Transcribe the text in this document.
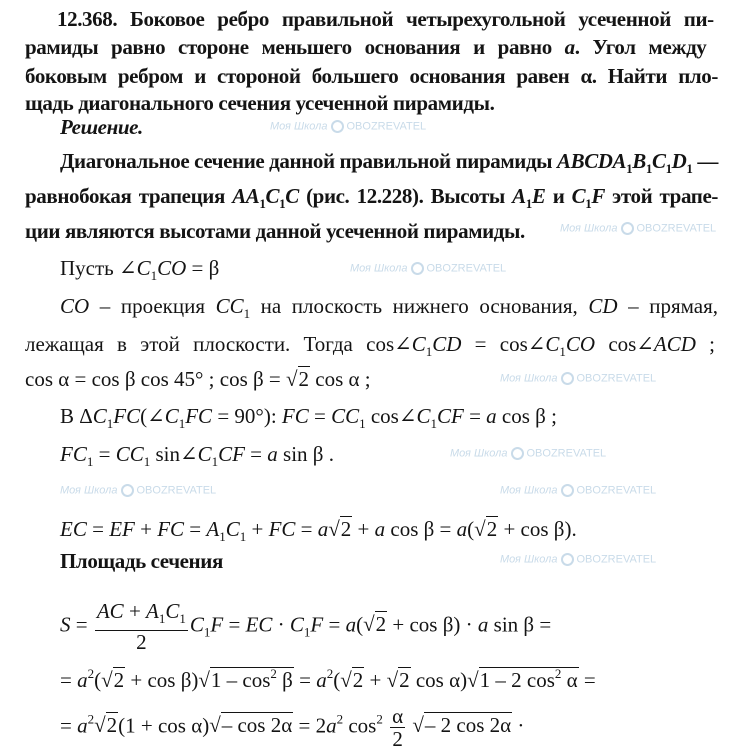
Моя Школа OBOZREVATEL
Моя Школа OBOZREVATEL
Моя Школа OBOZREVATEL
Моя Школа OBOZREVATEL
Моя Школа OBOZREVATEL
Моя Школа OBOZREVATEL	Моя Школа OBOZREVATEL
Моя Школа OBOZREVATEL
12.368. Боковое ребро правильной четырехугольной усеченной пи-
рамиды равно стороне меньшего основания и равно a. Угол между
боковым ребром и стороной большего основания равен α. Найти пло-
щадь диагонального сечения усеченной пирамиды.
Решение.
Диагональное сечение данной правильной пирамиды $ABCDA_1B_1C_1D_1$ —
равнобокая трапеция $AA_1C_1C$ (рис. 12.228). Высоты $A_1E$ и $C_1F$ этой трапе-
ции являются высотами данной усеченной пирамиды.
Пусть $\angle C_1CO = \beta$
CO – проекция $CC_1$ на плоскость нижнего основания, CD – прямая,
лежащая в этой плоскости. Тогда $\cos\angle C_1CD$ = $\cos\angle C_1CO$ cos∠ACD ;
cos α = cos β cos 45° ; cos β = √ 2 cos α ;
В $\Delta C_1FC(\angle C_1FC = 90^\circ)$: FC = $CC_1$ $\cos\angle C_1CF = a$ cos β ;
$FC_1 = CC_1$ $\sin\angle C_1CF = a$ sin β .
EC = EF + FC = $A_1C_1$ + FC = a √ 2 + a cos β = a( √ 2 + cos β).
Площадь сечения
$S = \frac{AC + A_1C_1}{2} C_1F$ = EC · $C_1F = a$( √ 2 + cos β) · a sin β =
= $a^2$( √ 2 + cos β) √ $1 - \cos^2 \beta = a^2$( √ 2 + √ 2 cos α) √ 1 – 2 $\cos^2 \alpha$ =
= $a^2$ √ 2(1 + cos α) √ – $\cos 2\alpha = 2a^2$ $\cos^2 \frac{\alpha}{2}$ √ – 2 cos 2α ·
